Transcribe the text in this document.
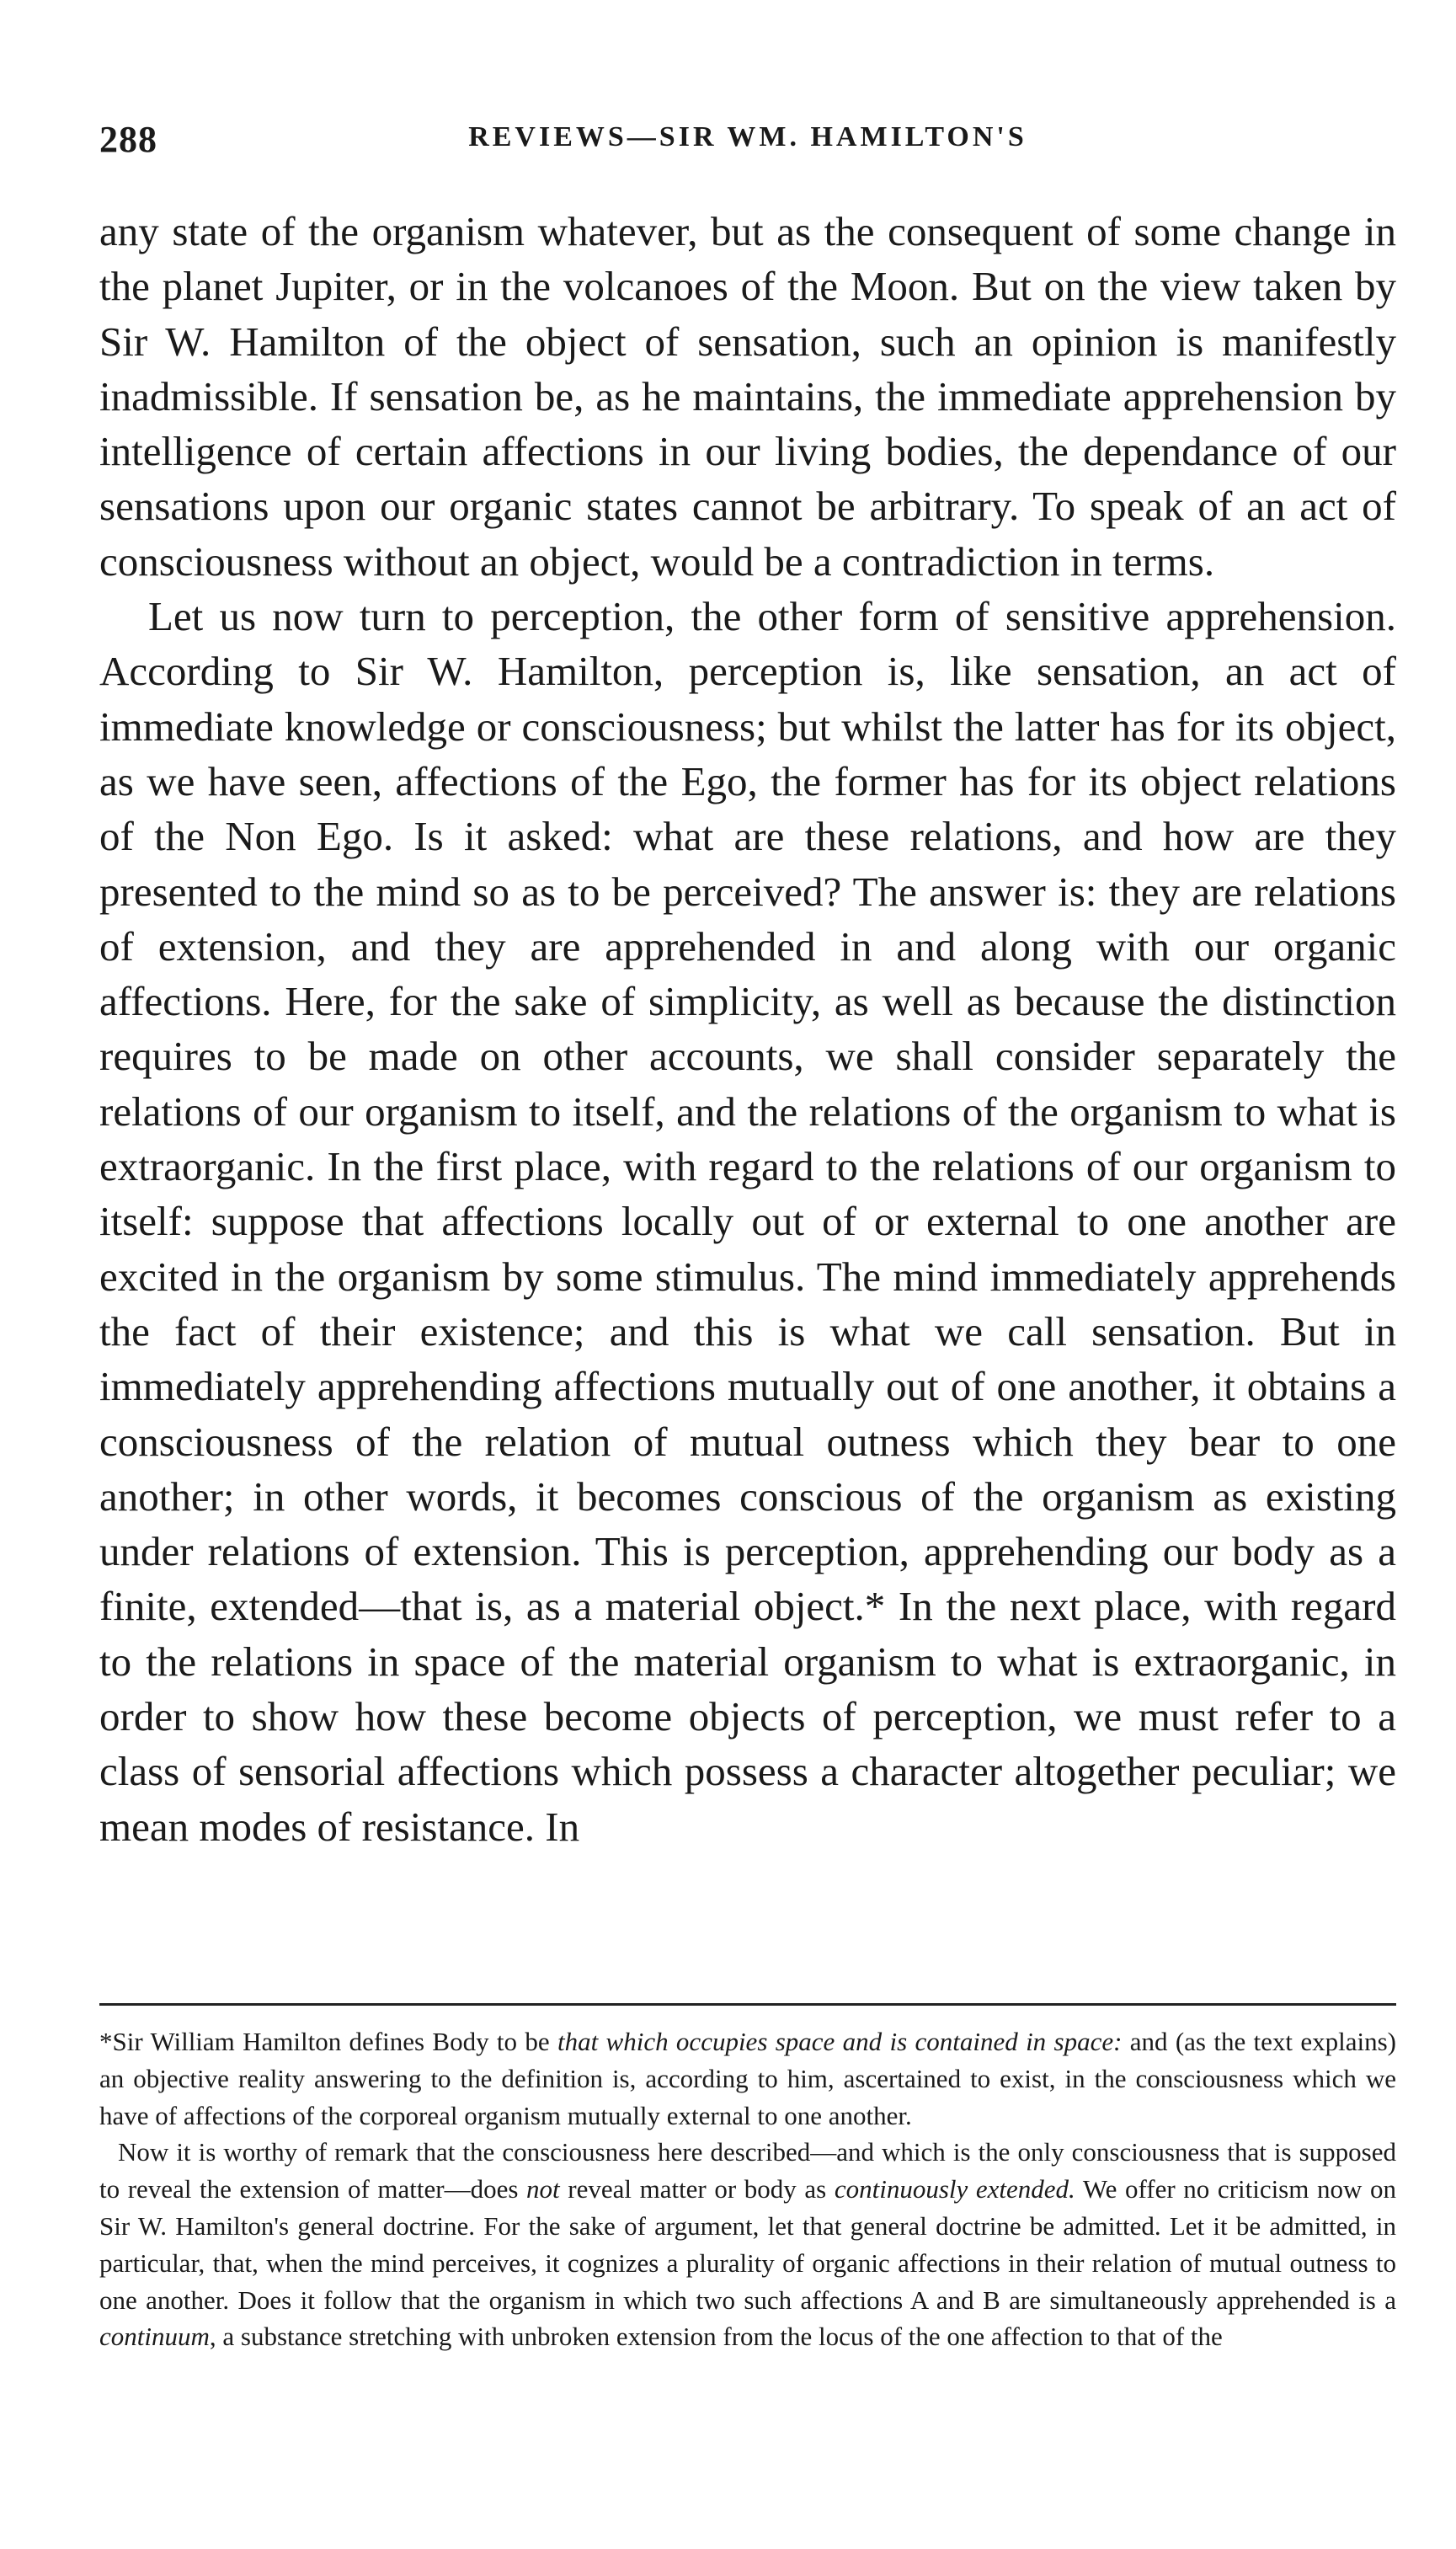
288	REVIEWS—SIR WM. HAMILTON'S

any state of the organism whatever, but as the consequent of some change in the planet Jupiter, or in the volcanoes of the Moon. But on the view taken by Sir W. Hamilton of the object of sensation, such an opinion is manifestly inadmissible. If sensation be, as he maintains, the immediate apprehension by intelligence of certain affections in our living bodies, the dependance of our sensations upon our organic states cannot be arbitrary. To speak of an act of consciousness without an object, would be a contradiction in terms.

Let us now turn to perception, the other form of sensitive apprehension. According to Sir W. Hamilton, perception is, like sensation, an act of immediate knowledge or consciousness; but whilst the latter has for its object, as we have seen, affections of the Ego, the former has for its object relations of the Non Ego. Is it asked: what are these relations, and how are they presented to the mind so as to be perceived? The answer is: they are relations of extension, and they are apprehended in and along with our organic affections. Here, for the sake of simplicity, as well as because the distinction requires to be made on other accounts, we shall consider separately the relations of our organism to itself, and the relations of the organism to what is extraorganic. In the first place, with regard to the relations of our organism to itself: suppose that affections locally out of or external to one another are excited in the organism by some stimulus. The mind immediately apprehends the fact of their existence; and this is what we call sensation. But in immediately apprehending affections mutually out of one another, it obtains a consciousness of the relation of mutual outness which they bear to one another; in other words, it becomes conscious of the organism as existing under relations of extension. This is perception, apprehending our body as a finite, extended—that is, as a material object.* In the next place, with regard to the relations in space of the material organism to what is extraorganic, in order to show how these become objects of perception, we must refer to a class of sensorial affections which possess a character altogether peculiar; we mean modes of resistance. In

*Sir William Hamilton defines Body to be that which occupies space and is contained in space: and (as the text explains) an objective reality answering to the definition is, according to him, ascertained to exist, in the consciousness which we have of affections of the corporeal organism mutually external to one another.

Now it is worthy of remark that the consciousness here described—and which is the only consciousness that is supposed to reveal the extension of matter—does not reveal matter or body as continuously extended. We offer no criticism now on Sir W. Hamilton's general doctrine. For the sake of argument, let that general doctrine be admitted. Let it be admitted, in particular, that, when the mind perceives, it cognizes a plurality of organic affections in their relation of mutual outness to one another. Does it follow that the organism in which two such affections A and B are simultaneously apprehended is a continuum, a substance stretching with unbroken extension from the locus of the one affection to that of the
